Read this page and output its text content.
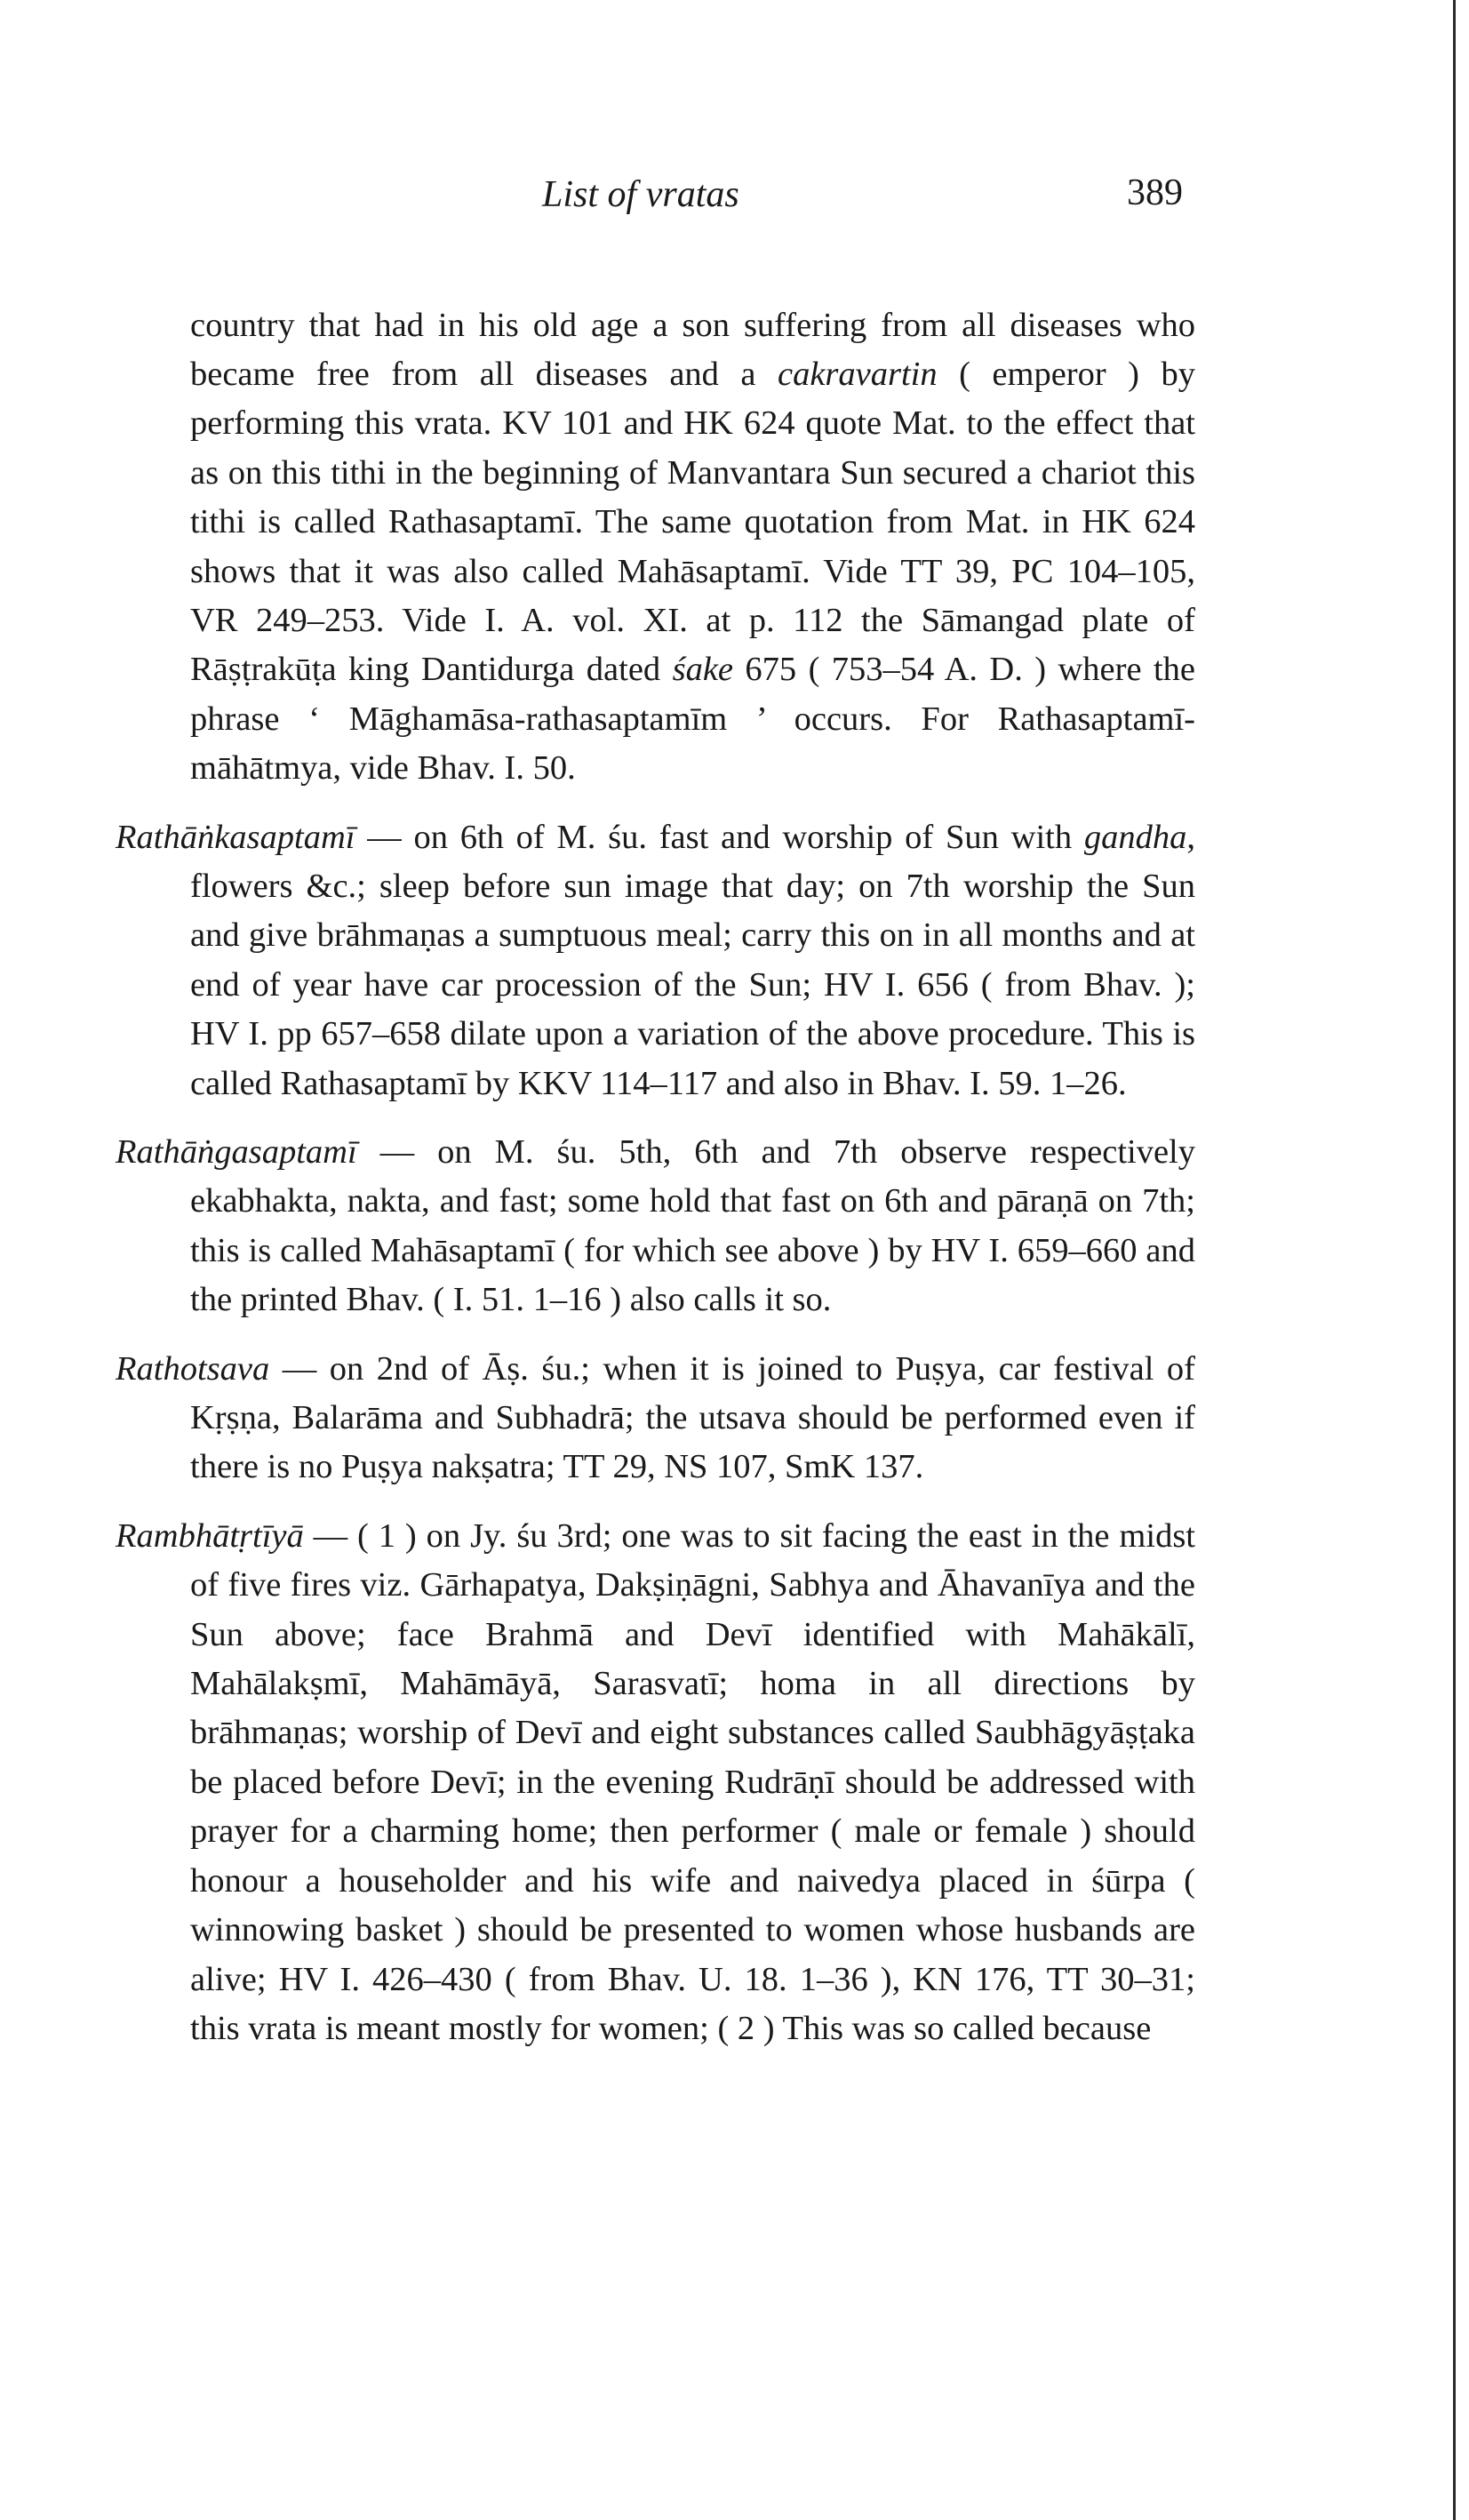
List of vratas	389

country that had in his old age a son suffering from all diseases who became free from all diseases and a cakravartin ( emperor ) by performing this vrata. KV 101 and HK 624 quote Mat. to the effect that as on this tithi in the beginning of Manvantara Sun secured a chariot this tithi is called Rathasaptamī. The same quotation from Mat. in HK 624 shows that it was also called Mahāsaptamī. Vide TT 39, PC 104–105, VR 249–253. Vide I. A. vol. XI. at p. 112 the Sāmangad plate of Rāṣṭrakūṭa king Dantidurga dated śake 675 ( 753–54 A. D. ) where the phrase ‘ Māghamāsa-rathasaptamīm ’ occurs. For Rathasaptamī-māhātmya, vide Bhav. I. 50.

Rathāṅkasaptamī — on 6th of M. śu. fast and worship of Sun with gandha, flowers &c.; sleep before sun image that day; on 7th worship the Sun and give brāhmaṇas a sumptuous meal; carry this on in all months and at end of year have car procession of the Sun; HV I. 656 ( from Bhav. ); HV I. pp 657–658 dilate upon a variation of the above procedure. This is called Rathasaptamī by KKV 114–117 and also in Bhav. I. 59. 1–26.

Rathāṅgasaptamī — on M. śu. 5th, 6th and 7th observe respectively ekabhakta, nakta, and fast; some hold that fast on 6th and pāraṇā on 7th; this is called Mahāsaptamī ( for which see above ) by HV I. 659–660 and the printed Bhav. ( I. 51. 1–16 ) also calls it so.

Rathotsava — on 2nd of Āṣ. śu.; when it is joined to Puṣya, car festival of Kṛṣṇa, Balarāma and Subhadrā; the utsava should be performed even if there is no Puṣya nakṣatra; TT 29, NS 107, SmK 137.

Rambhātṛtīyā — ( 1 ) on Jy. śu 3rd; one was to sit facing the east in the midst of five fires viz. Gārhapatya, Dakṣiṇāgni, Sabhya and Āhavanīya and the Sun above; face Brahmā and Devī identified with Mahākālī, Mahālakṣmī, Mahāmāyā, Sarasvatī; homa in all directions by brāhmaṇas; worship of Devī and eight substances called Saubhāgyāṣṭaka be placed before Devī; in the evening Rudrāṇī should be addressed with prayer for a charming home; then performer ( male or female ) should honour a householder and his wife and naivedya placed in śūrpa ( winnowing basket ) should be presented to women whose husbands are alive; HV I. 426–430 ( from Bhav. U. 18. 1–36 ), KN 176, TT 30–31; this vrata is meant mostly for women; ( 2 ) This was so called because
